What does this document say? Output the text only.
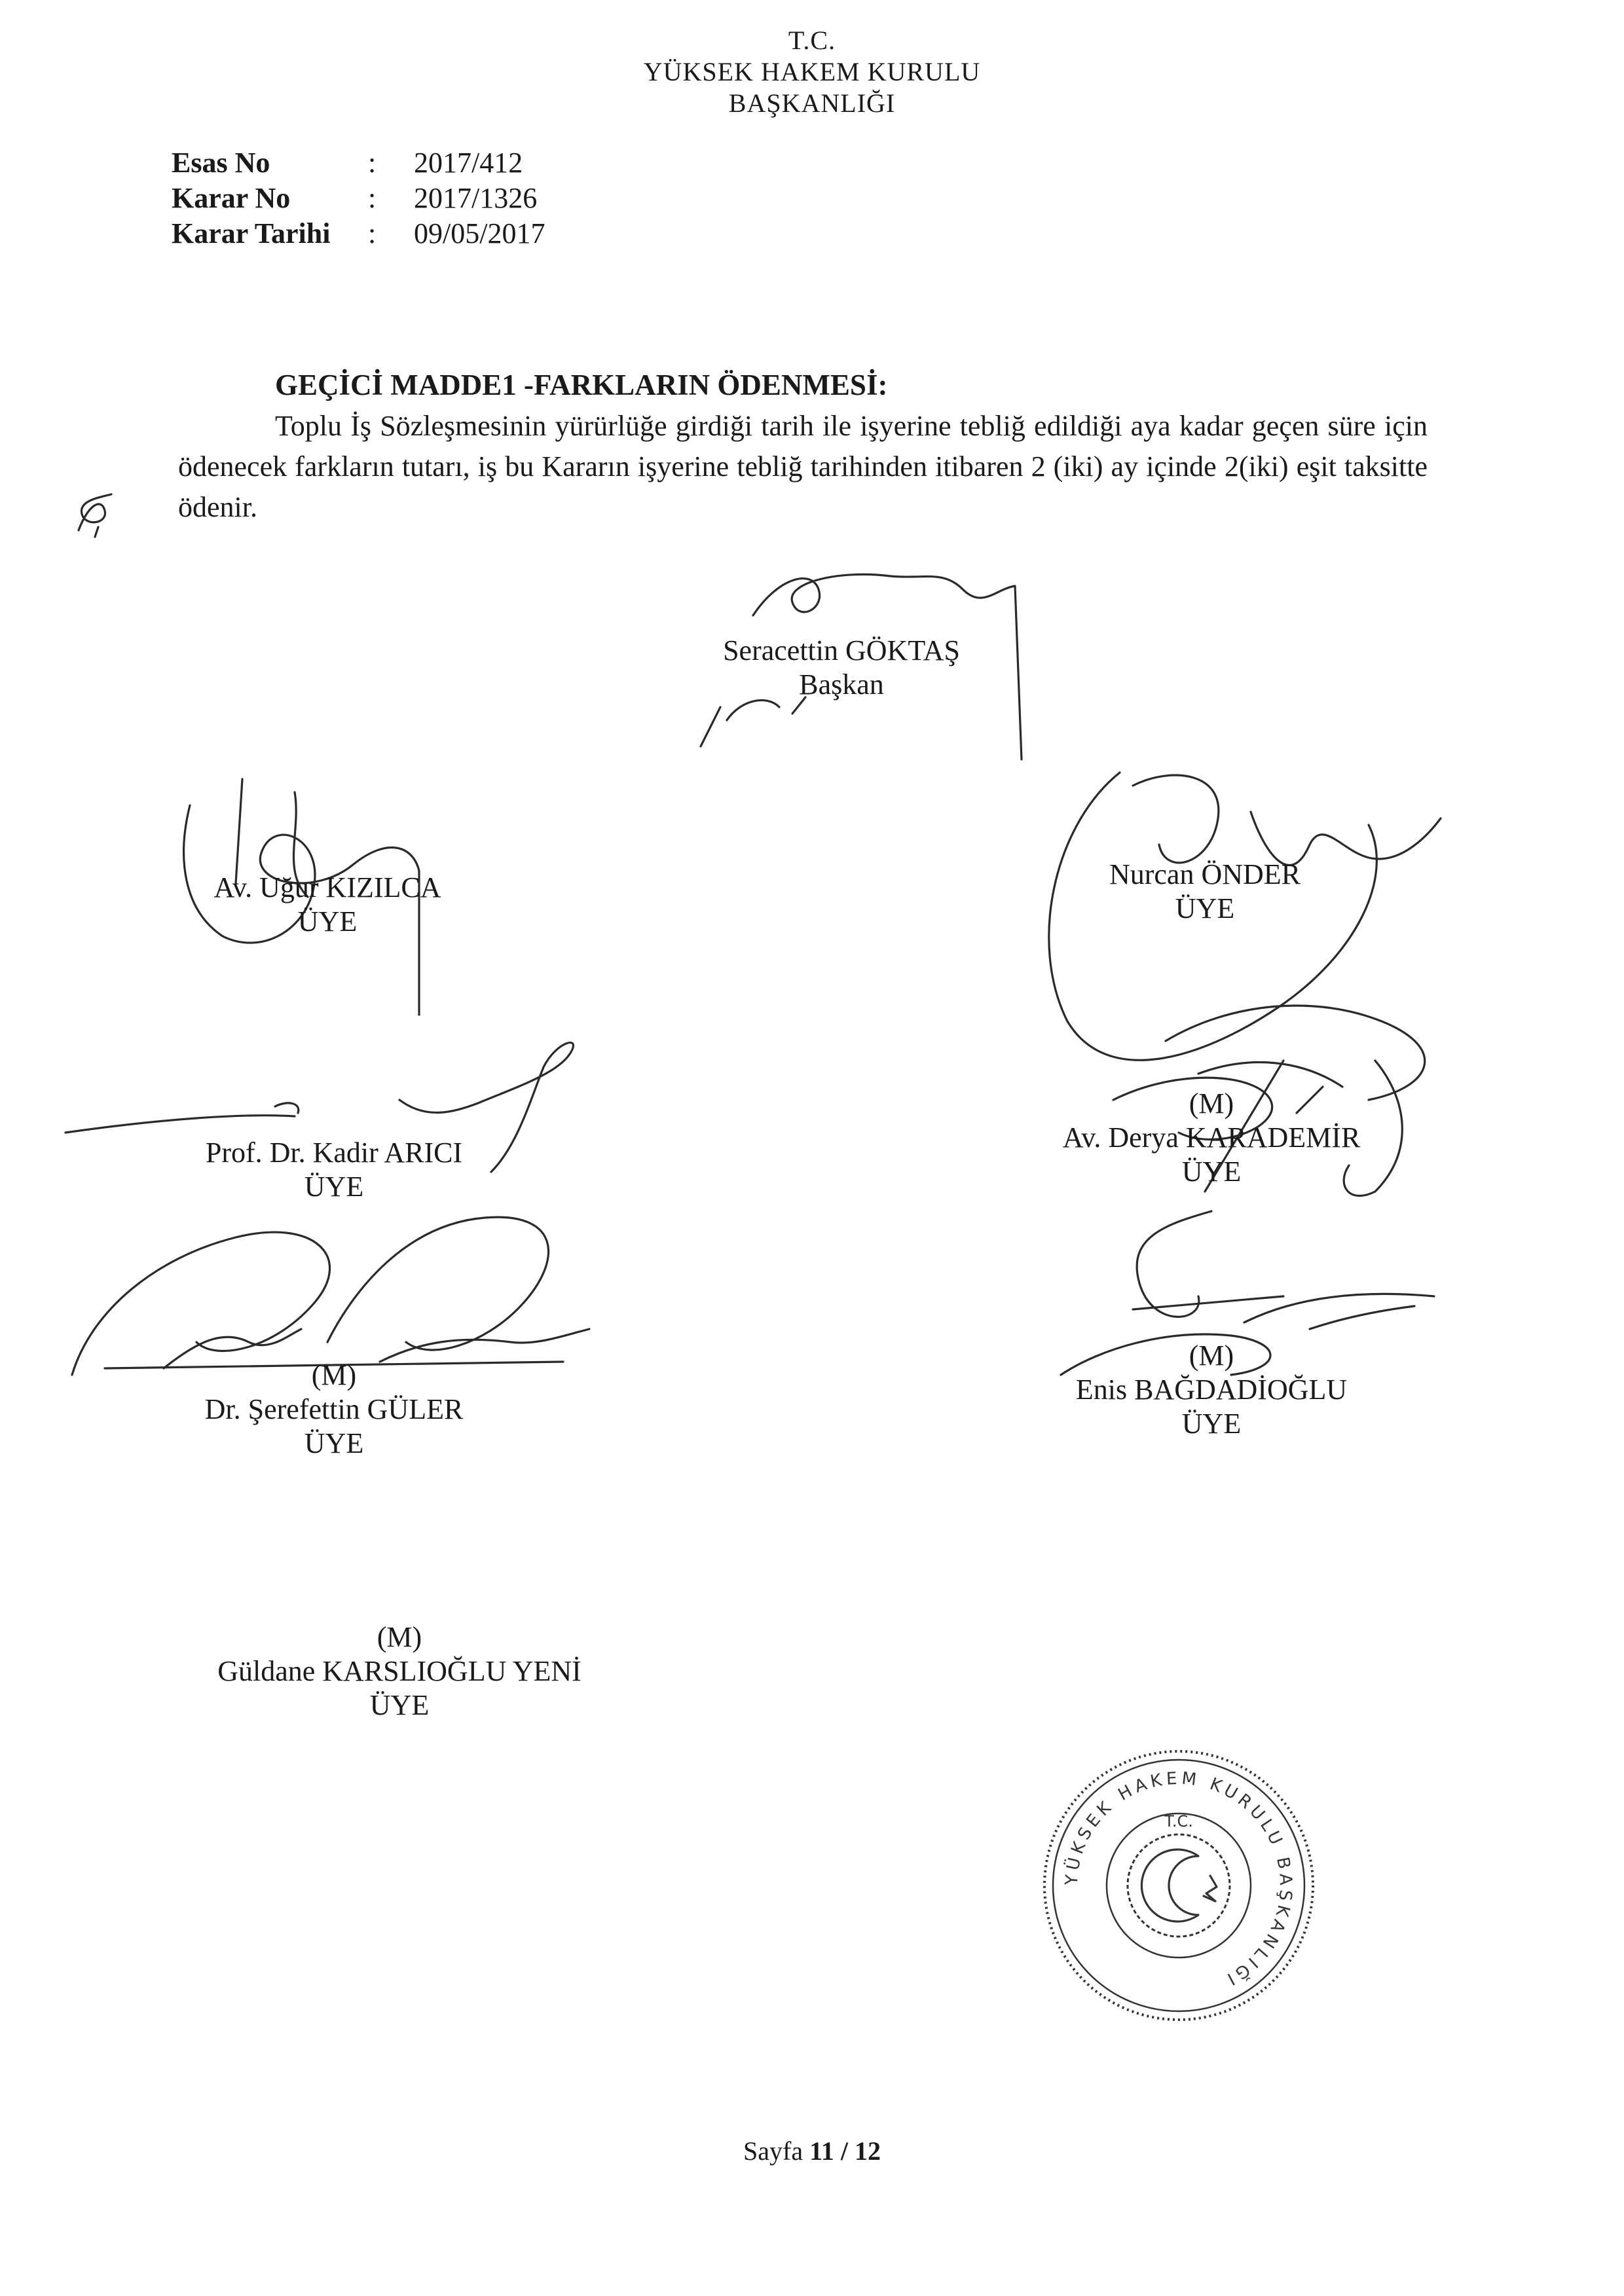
T.C.
YÜKSEK HAKEM KURULU
BAŞKANLIĞI
Esas No	: 2017/412
Karar No	: 2017/1326
Karar Tarihi : 09/05/2017
GEÇİCİ MADDE1 -FARKLARIN ÖDENMESİ:
Toplu İş Sözleşmesinin yürürlüğe girdiği tarih ile işyerine tebliğ edildiği aya kadar geçen süre için ödenecek farkların tutarı, iş bu Kararın işyerine tebliğ tarihinden itibaren 2 (iki) ay içinde 2(iki) eşit taksitte ödenir.
Seracettin GÖKTAŞ
Başkan
Av. Uğur KIZILCA
ÜYE
Nurcan ÖNDER
ÜYE
Prof. Dr. Kadir ARICI
ÜYE
(M)
Av. Derya KARADEMİR
ÜYE
(M)
Dr. Şerefettin GÜLER
ÜYE
(M)
Enis BAĞDADİOĞLU
ÜYE
(M)
Güldane KARSLIOĞLU YENİ
ÜYE
YÜKSEK HAKEM KURULU BAŞKANLIĞI
T.C.
Sayfa 11 / 12
